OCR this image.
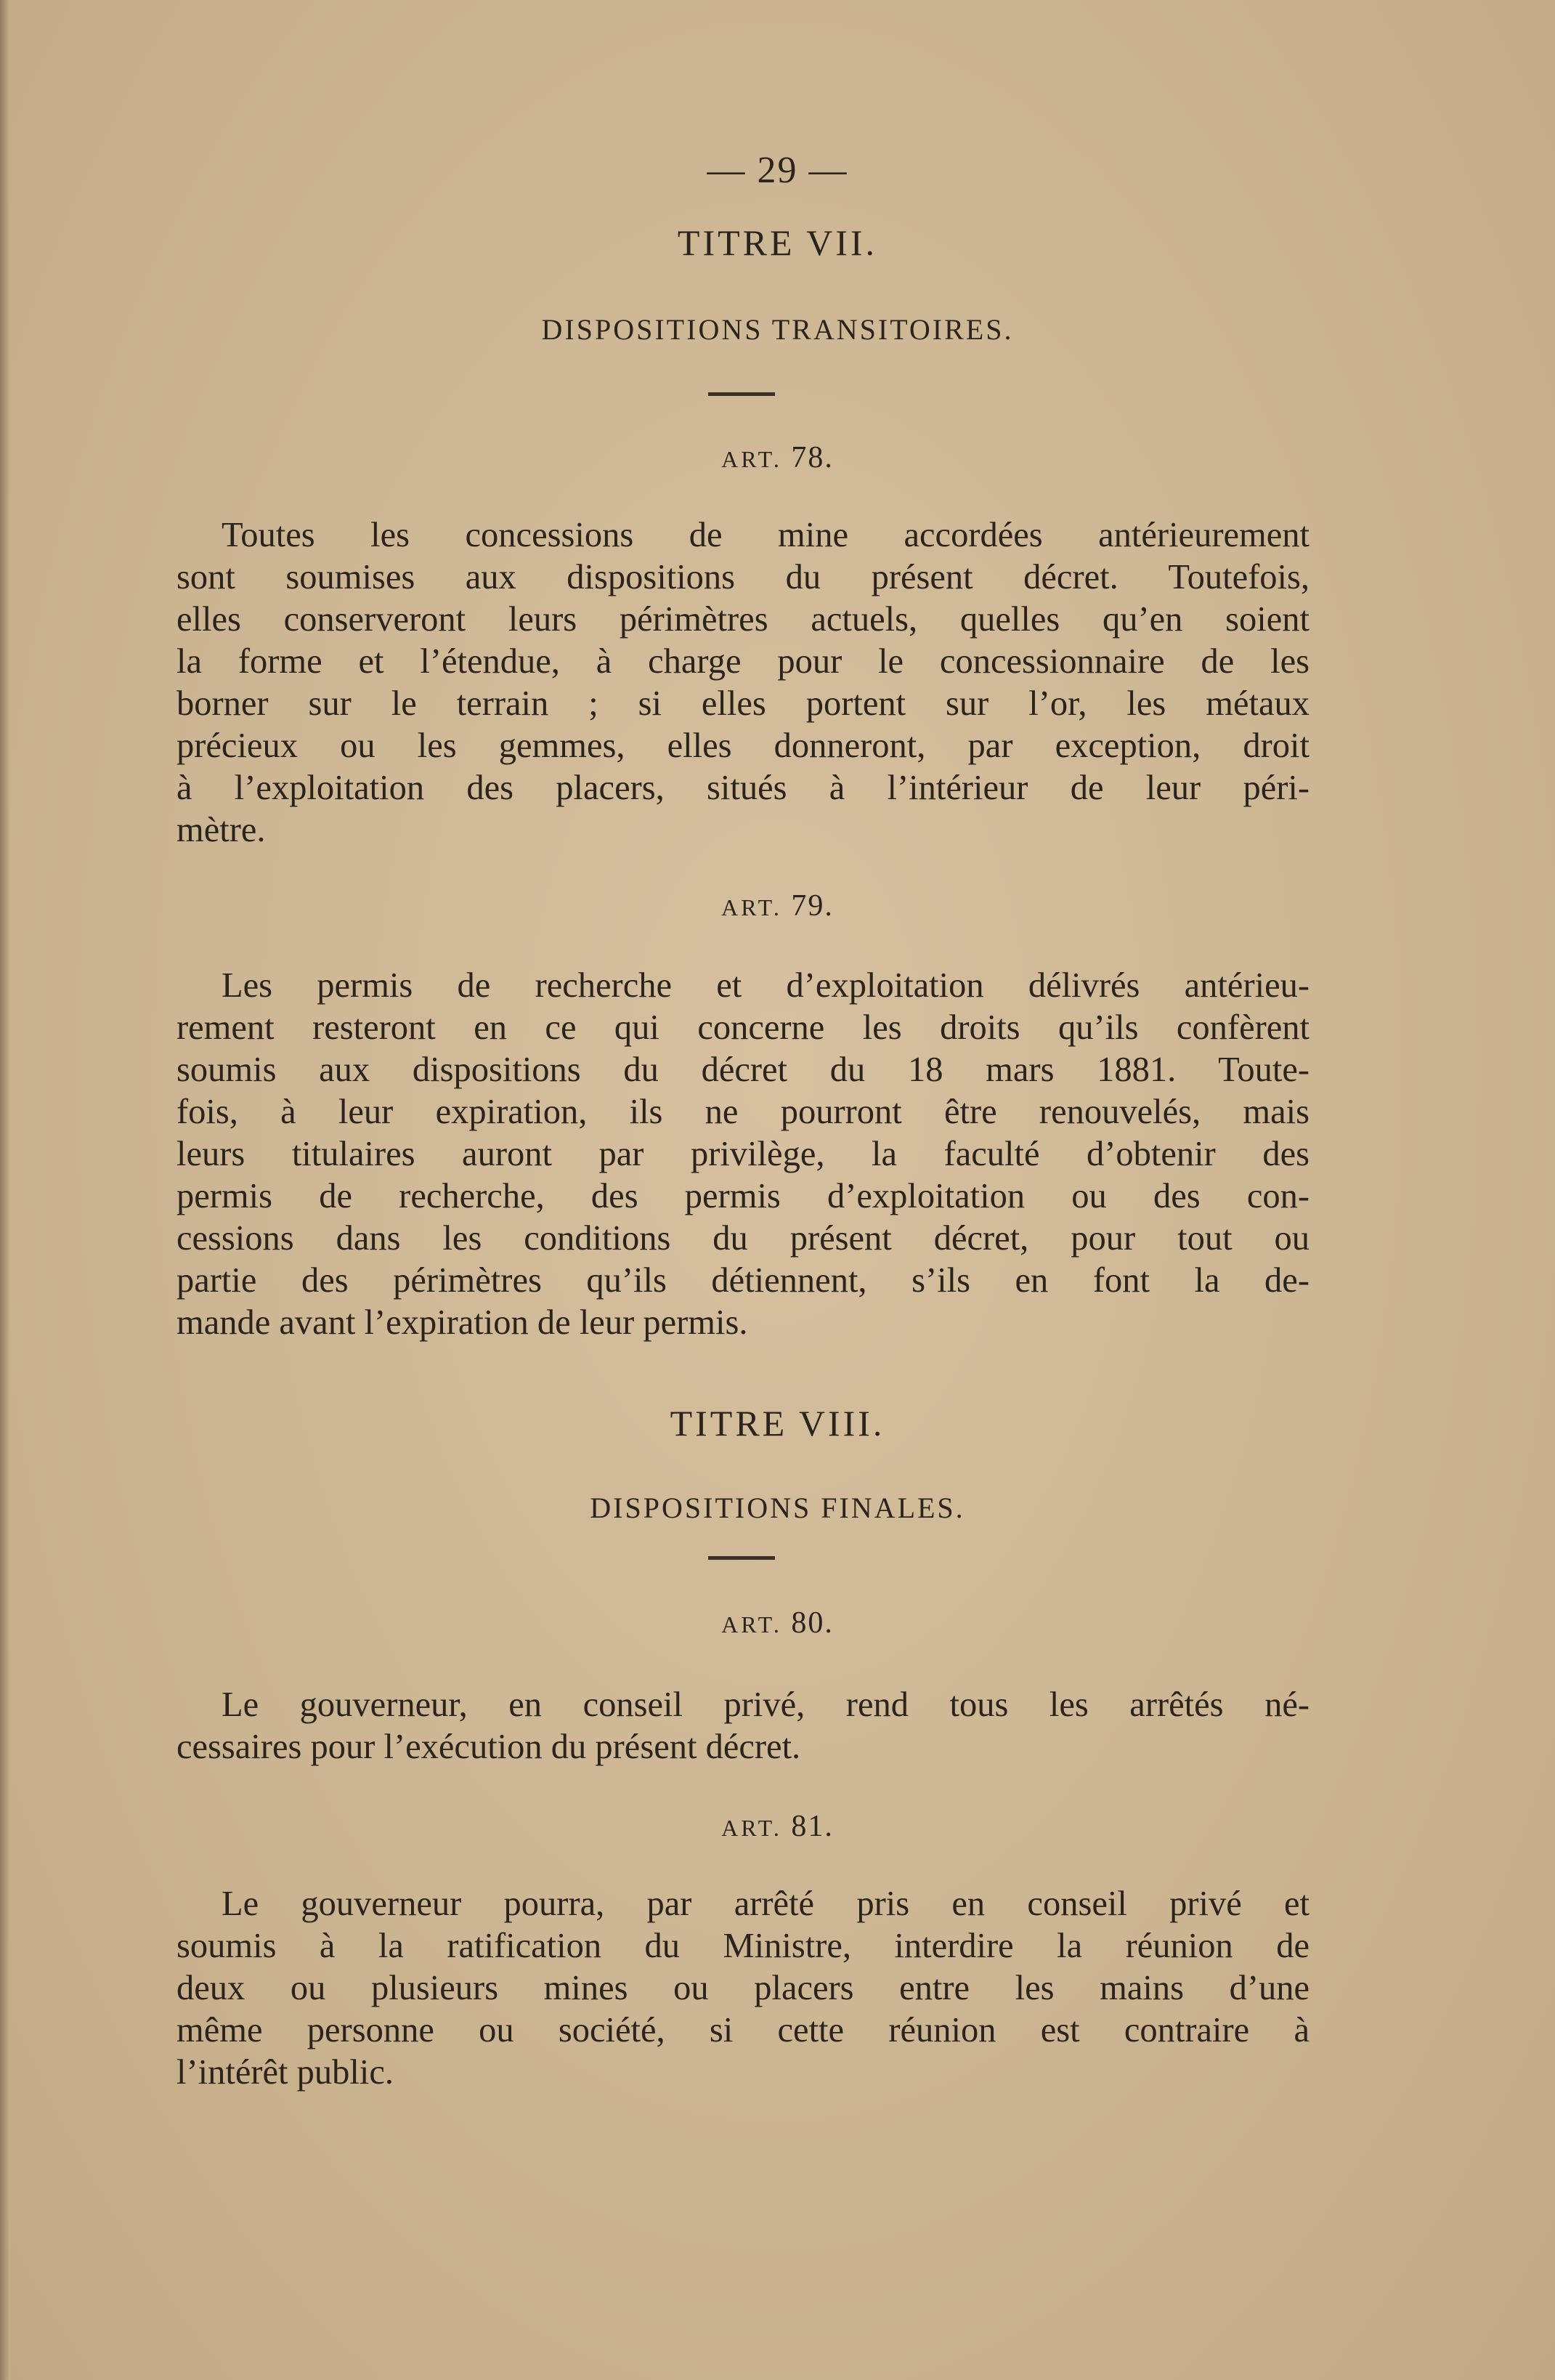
— 29 —
TITRE VII.
DISPOSITIONS TRANSITOIRES.
ART. 78.
Toutes les concessions de mine accordées antérieurement
sont soumises aux dispositions du présent décret. Toutefois,
elles conserveront leurs périmètres actuels, quelles qu’en soient
la forme et l’étendue, à charge pour le concessionnaire de les
borner sur le terrain ; si elles portent sur l’or, les métaux
précieux ou les gemmes, elles donneront, par exception, droit
à l’exploitation des placers, situés à l’intérieur de leur péri-
mètre.
ART. 79.
Les permis de recherche et d’exploitation délivrés antérieu-
rement resteront en ce qui concerne les droits qu’ils confèrent
soumis aux dispositions du décret du 18 mars 1881. Toute-
fois, à leur expiration, ils ne pourront être renouvelés, mais
leurs titulaires auront par privilège, la faculté d’obtenir des
permis de recherche, des permis d’exploitation ou des con-
cessions dans les conditions du présent décret, pour tout ou
partie des périmètres qu’ils détiennent, s’ils en font la de-
mande avant l’expiration de leur permis.
TITRE VIII.
DISPOSITIONS FINALES.
ART. 80.
Le gouverneur, en conseil privé, rend tous les arrêtés né-
cessaires pour l’exécution du présent décret.
ART. 81.
Le gouverneur pourra, par arrêté pris en conseil privé et
soumis à la ratification du Ministre, interdire la réunion de
deux ou plusieurs mines ou placers entre les mains d’une
même personne ou société, si cette réunion est contraire à
l’intérêt public.
